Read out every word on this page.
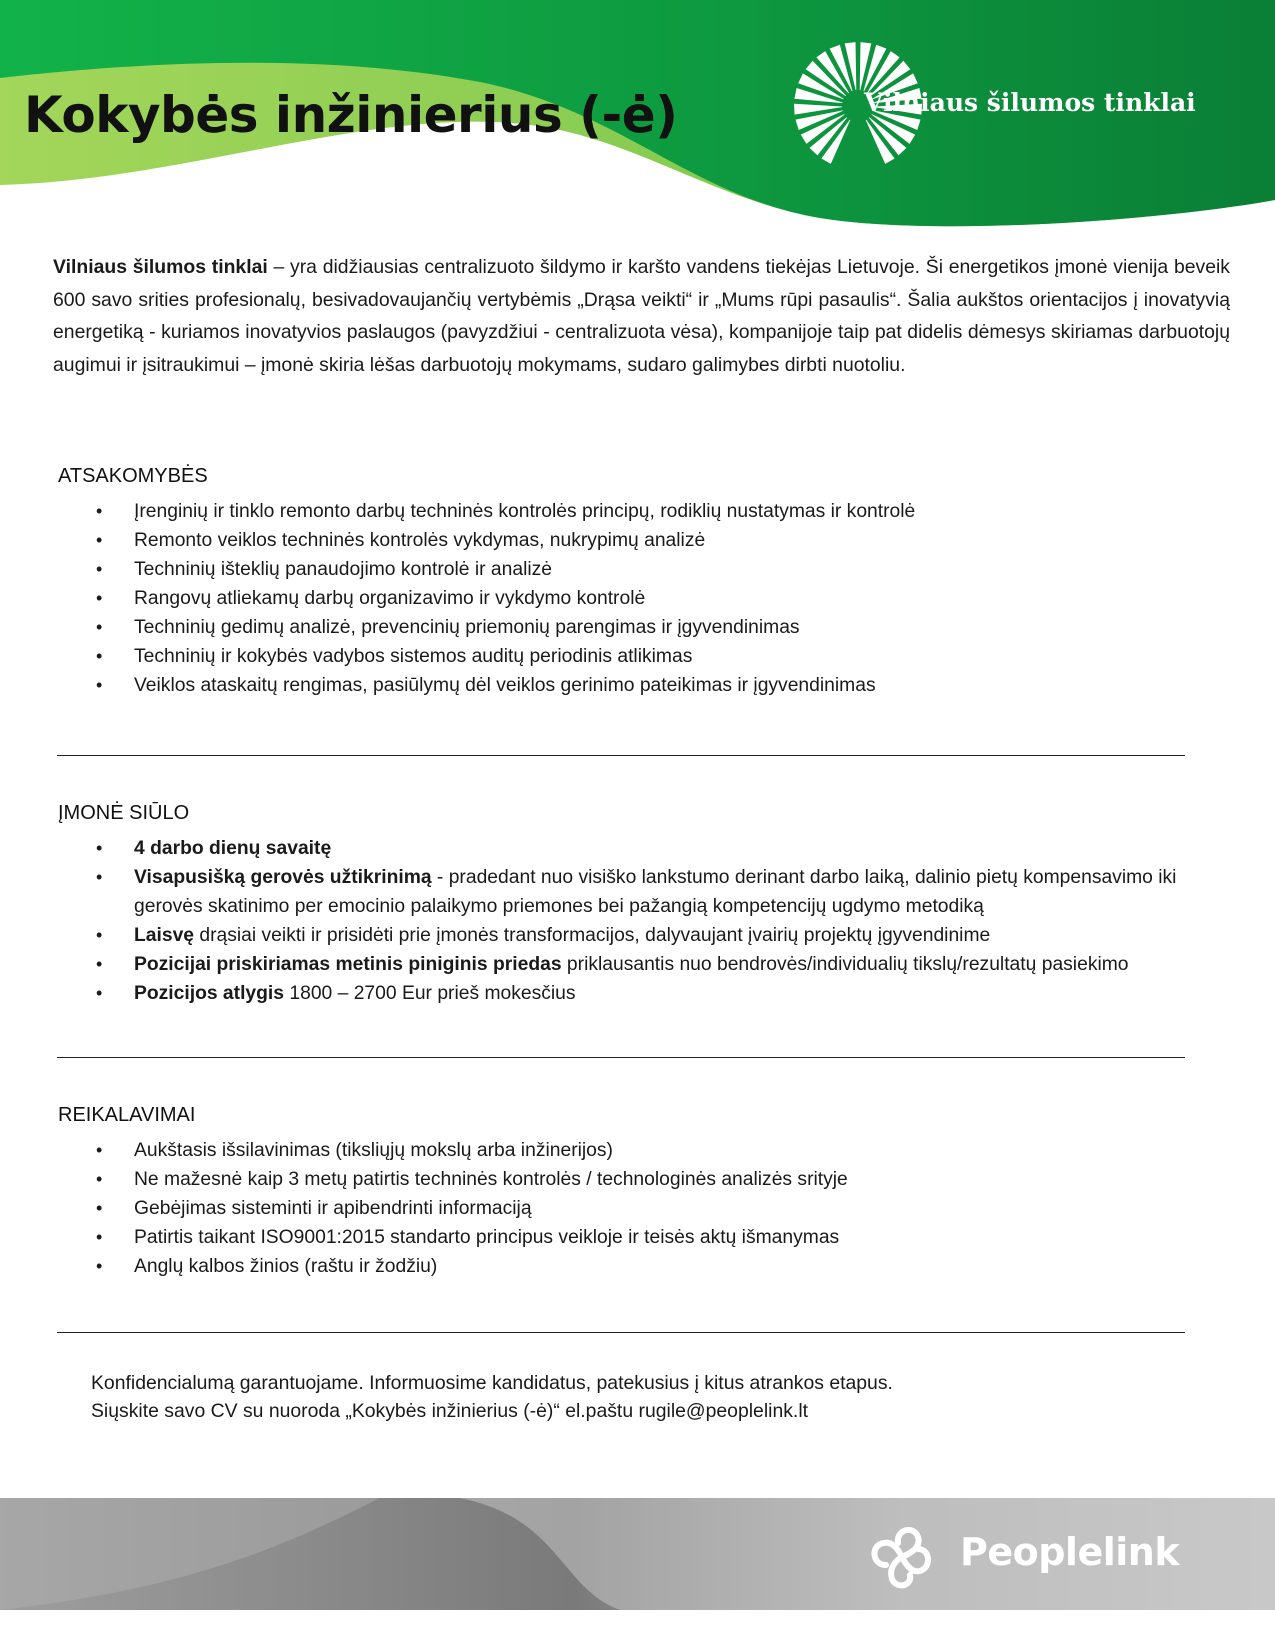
Kokybės inžinierius (-ė)	Vilniaus šilumos tinklai

Vilniaus šilumos tinklai – yra didžiausias centralizuoto šildymo ir karšto vandens tiekėjas Lietuvoje. Ši energetikos įmonė vienija beveik 600 savo srities profesionalų, besivadovaujančių vertybėmis „Drąsa veikti“ ir „Mums rūpi pasaulis“. Šalia aukštos orientacijos į inovatyvią energetiką - kuriamos inovatyvios paslaugos (pavyzdžiui - centralizuota vėsa), kompanijoje taip pat didelis dėmesys skiriamas darbuotojų augimui ir įsitraukimui – įmonė skiria lėšas darbuotojų mokymams, sudaro galimybes dirbti nuotoliu.

ATSAKOMYBĖS
• Įrenginių ir tinklo remonto darbų techninės kontrolės principų, rodiklių nustatymas ir kontrolė
• Remonto veiklos techninės kontrolės vykdymas, nukrypimų analizė
• Techninių išteklių panaudojimo kontrolė ir analizė
• Rangovų atliekamų darbų organizavimo ir vykdymo kontrolė
• Techninių gedimų analizė, prevencinių priemonių parengimas ir įgyvendinimas
• Techninių ir kokybės vadybos sistemos auditų periodinis atlikimas
• Veiklos ataskaitų rengimas, pasiūlymų dėl veiklos gerinimo pateikimas ir įgyvendinimas
ĮMONĖ SIŪLO
• 4 darbo dienų savaitę
• Visapusišką gerovės užtikrinimą - pradedant nuo visiško lankstumo derinant darbo laiką, dalinio pietų kompensavimo iki gerovės skatinimo per emocinio palaikymo priemones bei pažangią kompetencijų ugdymo metodiką
• Laisvę drąsiai veikti ir prisidėti prie įmonės transformacijos, dalyvaujant įvairių projektų įgyvendinime
• Pozicijai priskiriamas metinis piniginis priedas priklausantis nuo bendrovės/individualių tikslų/rezultatų pasiekimo
• Pozicijos atlygis 1800 – 2700 Eur prieš mokesčius
REIKALAVIMAI
• Aukštasis išsilavinimas (tiksliųjų mokslų arba inžinerijos)
• Ne mažesnė kaip 3 metų patirtis techninės kontrolės / technologinės analizės srityje
• Gebėjimas sisteminti ir apibendrinti informaciją
• Patirtis taikant ISO9001:2015 standarto principus veikloje ir teisės aktų išmanymas
• Anglų kalbos žinios (raštu ir žodžiu)

Konfidencialumą garantuojame. Informuosime kandidatus, patekusius į kitus atrankos etapus.

Siųskite savo CV su nuoroda „Kokybės inžinierius (-ė)“ el.paštu rugile@peoplelink.lt

Peoplelink
